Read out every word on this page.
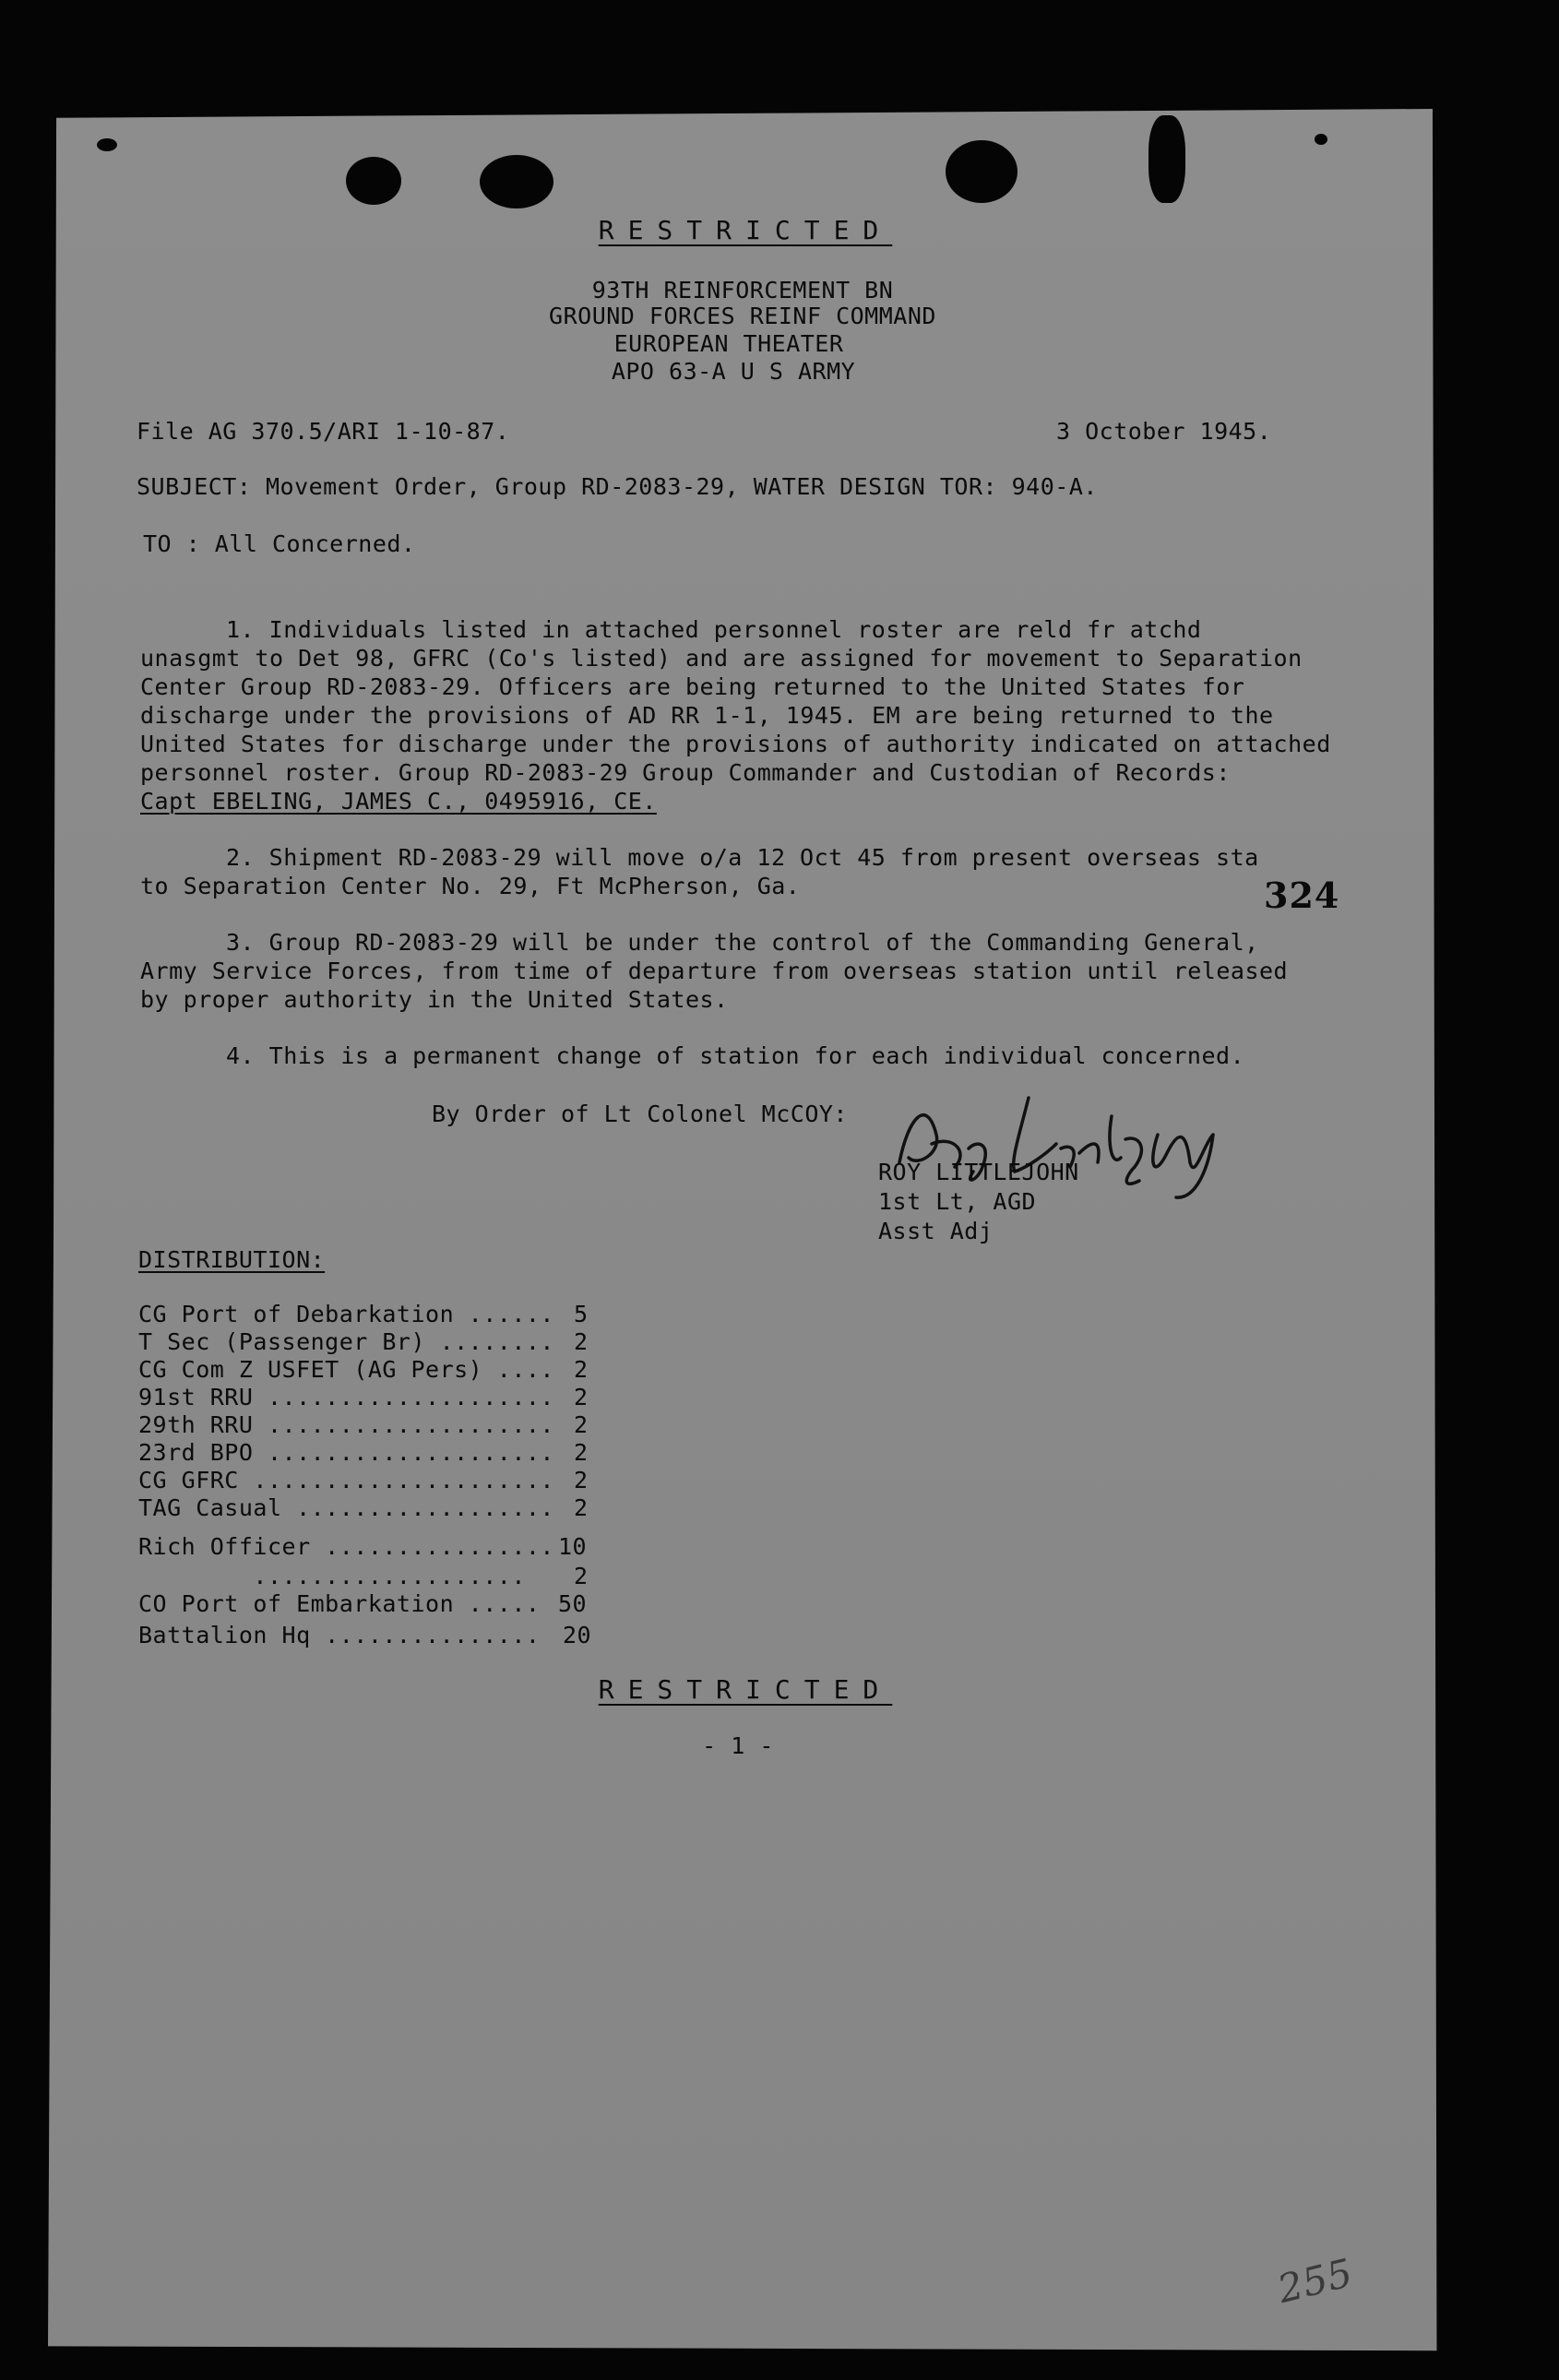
RESTRICTED
93TH REINFORCEMENT BN
GROUND FORCES REINF COMMAND
EUROPEAN THEATER
APO 63-A U S ARMY
File AG 370.5/ARI 1-10-87.	3 October 1945.
SUBJECT: Movement Order, Group RD-2083-29, WATER DESIGN TOR: 940-A.
TO : All Concerned.
1. Individuals listed in attached personnel roster are reld fr atchd
unasgmt to Det 98, GFRC (Co's listed) and are assigned for movement to Separation
Center Group RD-2083-29. Officers are being returned to the United States for
discharge under the provisions of AD RR 1-1, 1945. EM are being returned to the
United States for discharge under the provisions of authority indicated on attached
personnel roster. Group RD-2083-29 Group Commander and Custodian of Records:
Capt EBELING, JAMES C., 0495916, CE.
2. Shipment RD-2083-29 will move o/a 12 Oct 45 from present overseas sta
to Separation Center No. 29, Ft McPherson, Ga.	324
3. Group RD-2083-29 will be under the control of the Commanding General,
Army Service Forces, from time of departure from overseas station until released
by proper authority in the United States.
4. This is a permanent change of station for each individual concerned.
By Order of Lt Colonel McCOY:
ROY LITTLEJOHN
1st Lt, AGD
Asst Adj
DISTRIBUTION:
CG Port of Debarkation ...... 5
T Sec (Passenger Br) ........ 2
CG Com Z USFET (AG Pers) .... 2
91st RRU .................... 2
29th RRU .................... 2
23rd BPO .................... 2
CG GFRC ..................... 2
TAG Casual .................. 2
Rich Officer ................ 10
................... 2
CO Port of Embarkation ..... 50
Battalion Hq ............... 20
RESTRICTED
- 1 -
255
